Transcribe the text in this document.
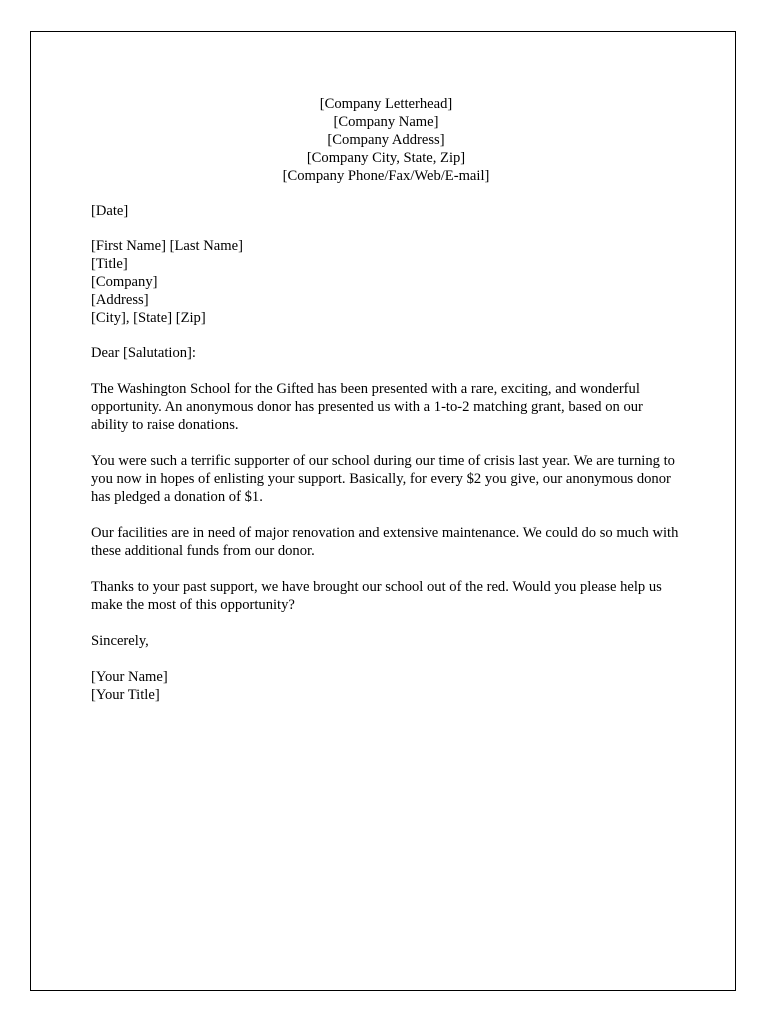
[Company Letterhead]
[Company Name]
[Company Address]
[Company City, State, Zip]
[Company Phone/Fax/Web/E-mail]
[Date]
[First Name] [Last Name]
[Title]
[Company]
[Address]
[City], [State] [Zip]

Dear [Salutation]:

The Washington School for the Gifted has been presented with a rare, exciting, and wonderful opportunity. An anonymous donor has presented us with a 1-to-2 matching grant, based on our ability to raise donations.

You were such a terrific supporter of our school during our time of crisis last year. We are turning to you now in hopes of enlisting your support. Basically, for every $2 you give, our anonymous donor has pledged a donation of $1.

Our facilities are in need of major renovation and extensive maintenance. We could do so much with these additional funds from our donor.

Thanks to your past support, we have brought our school out of the red. Would you please help us make the most of this opportunity?

Sincerely,

[Your Name]
[Your Title]
